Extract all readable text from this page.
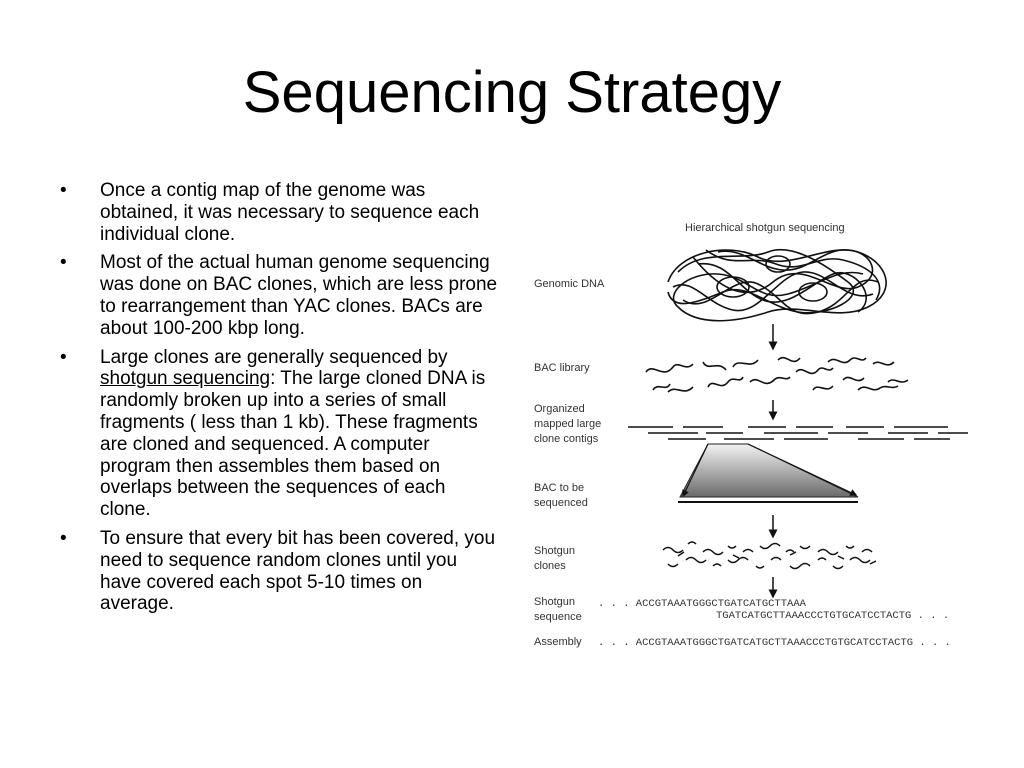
Sequencing Strategy
• Once a contig map of the genome was obtained, it was necessary to sequence each individual clone.
• Most of the actual human genome sequencing was done on BAC clones, which are less prone to rearrangement than YAC clones. BACs are about 100-200 kbp long.
• Large clones are generally sequenced by shotgun sequencing: The large cloned DNA is randomly broken up into a series of small fragments ( less than 1 kb). These fragments are cloned and sequenced. A computer program then assembles them based on overlaps between the sequences of each clone.
• To ensure that every bit has been covered, you need to sequence random clones until you have covered each spot 5-10 times on average.
Hierarchical shotgun sequencing
Genomic DNA
BAC library
Organized
mapped large
clone contigs
BAC to be
sequenced
Shotgun
clones
Shotgun
sequence
Assembly
. . . ACCGTAAATGGGCTGATCATGCTTAAA
TGATCATGCTTAAACCCTGTGCATCCTACTG . . .
. . . ACCGTAAATGGGCTGATCATGCTTAAACCCTGTGCATCCTACTG . . .
